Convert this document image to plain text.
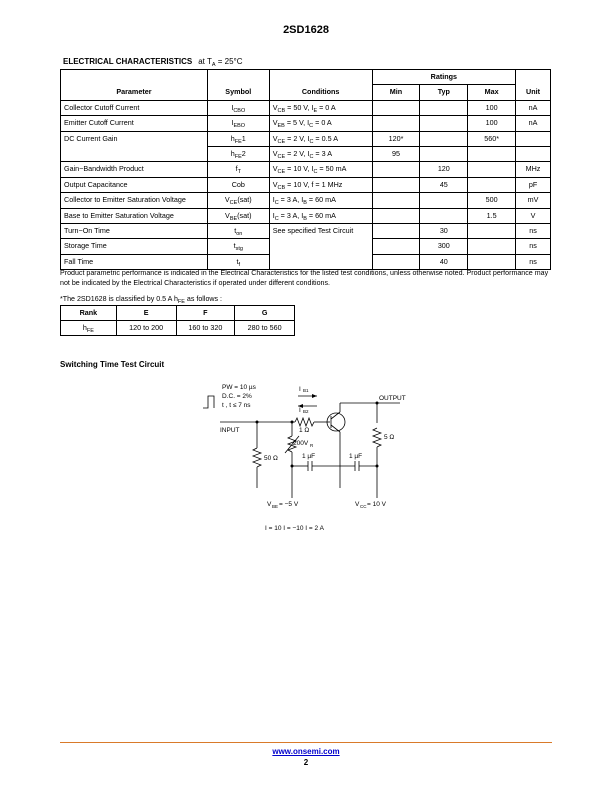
2SD1628
ELECTRICAL CHARACTERISTICS at $T_A = 25^\circ C$
Parameter	Symbol	Conditions	Ratings			Unit
			Min	Typ	Max	
Collector Cutoff Current	$I_{CBO}$	$V_{CB} = 50$ V, $I_E = 0$ A			100	nA
Emitter Cutoff Current	$I_{EBO}$	$V_{EB} = 5$ V, $I_C = 0$ A			100	nA
DC Current Gain	$h_{FE}1$	$V_{CE} = 2$ V, $I_C = 0.5$ A	120*		560*	
	$h_{FE}2$	$V_{CE} = 2$ V, $I_C = 3$ A	95			
Gain−Bandwidth Product	$f_T$	$V_{CE} = 10$ V, $I_C = 50$ mA		120		MHz
Output Capacitance	Cob	$V_{CB} = 10$ V, f = 1 MHz		45		pF
Collector to Emitter Saturation Voltage	$V_{CE}(sat)$	$I_C = 3$ A, $I_B = 60$ mA			500	mV
Base to Emitter Saturation Voltage	$V_{BE}(sat)$	$I_C = 3$ A, $I_B = 60$ mA			1.5	V
Turn−On Time	$t_{on}$	See specified Test Circuit		30		ns
Storage Time	$t_{stg}$			300		ns
Fall Time	$t_f$			40		ns
Product parametric performance is indicated in the Electrical Characteristics for the listed test conditions, unless otherwise noted. Product performance may not be indicated by the Electrical Characteristics if operated under different conditions.
*The 2SD1628 is classified by 0.5 A $h_{FE}$ as follows :
Rank	E	F	G
$h_{FE}$	120 to 200	160 to 320	280 to 560
Switching Time Test Circuit
PW = 10 µs
D.C. = 2%
t , t ≤ 7 ns
I B1
I B2
OUTPUT
INPUT	1 Ω
200V R
50 Ω	1 µF	1 µF
5 Ω
V BE = −5 V	V CC = 10 V
I = 10 I = −10 I = 2 A
www.onsemi.com
2
